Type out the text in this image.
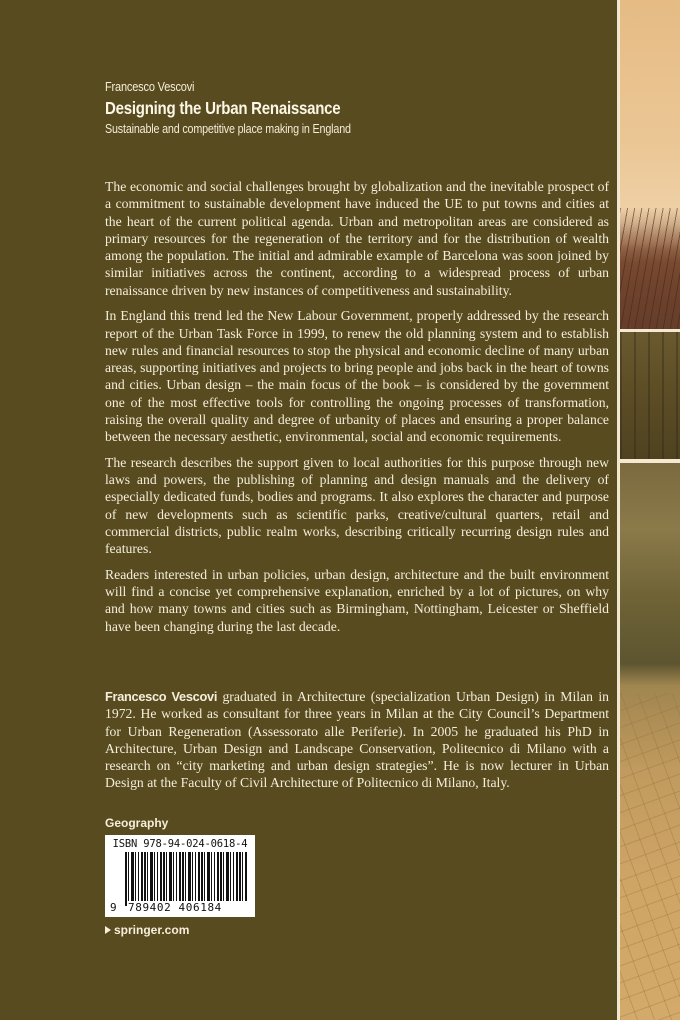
Francesco Vescovi
Designing the Urban Renaissance
Sustainable and competitive place making in England

The economic and social challenges brought by globalization and the inevitable prospect of a commitment to sustainable development have induced the UE to put towns and cities at the heart of the current political agenda. Urban and metropolitan areas are considered as primary resources for the regeneration of the territory and for the distribution of wealth among the population. The initial and admirable example of Barcelona was soon joined by similar initiatives across the continent, according to a widespread process of urban renaissance driven by new instances of competitiveness and sustainability.

In England this trend led the New Labour Government, properly addressed by the research report of the Urban Task Force in 1999, to renew the old planning system and to establish new rules and financial resources to stop the physical and economic decline of many urban areas, supporting initiatives and projects to bring people and jobs back in the heart of towns and cities. Urban design – the main focus of the book – is considered by the government one of the most effective tools for controlling the ongoing processes of transformation, raising the overall quality and degree of urbanity of places and ensuring a proper balance between the necessary aesthetic, environmental, social and economic requirements.

The research describes the support given to local authorities for this purpose through new laws and powers, the publishing of planning and design manuals and the delivery of especially dedicated funds, bodies and programs. It also explores the character and purpose of new developments such as scientific parks, creative/cultural quarters, retail and commercial districts, public realm works, describing critically recurring design rules and features.

Readers interested in urban policies, urban design, architecture and the built environment will find a concise yet comprehensive explanation, enriched by a lot of pictures, on why and how many towns and cities such as Birmingham, Nottingham, Leicester or Sheffield have been changing during the last decade.

Francesco Vescovi graduated in Architecture (specialization Urban Design) in Milan in 1972. He worked as consultant for three years in Milan at the City Council’s Department for Urban Regeneration (Assessorato alle Periferie). In 2005 he graduated his PhD in Architecture, Urban Design and Landscape Conservation, Politecnico di Milano with a research on “city marketing and urban design strategies”. He is now lecturer in Urban Design at the Faculty of Civil Architecture of Politecnico di Milano, Italy.
Geography
ISBN 978-94-024-0618-4
9 789402 406184
springer.com
